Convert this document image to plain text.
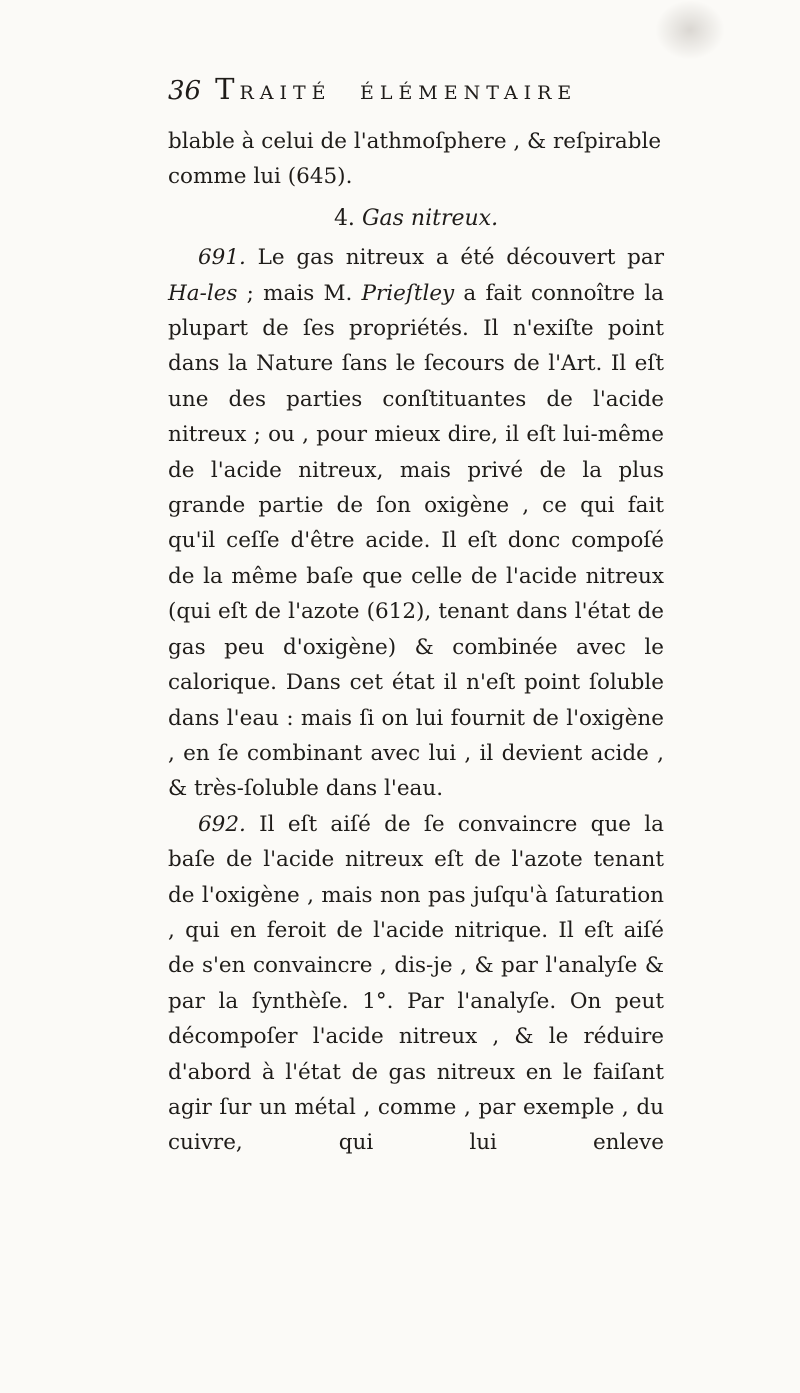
36 TRAITÉ ÉLÉMENTAIRE

blable à celui de l'athmoſphere , & reſpirable

comme lui (645).

4. Gas nitreux.

691. Le gas nitreux a été découvert par Ha-les ; mais M. Prieſtley a fait connoître la plupart de ſes propriétés. Il n'exiſte point dans la Nature ſans le ſecours de l'Art. Il eſt une des parties conſtituantes de l'acide nitreux ; ou , pour mieux dire, il eſt lui-même de l'acide nitreux, mais privé de la plus grande partie de ſon oxigène , ce qui fait qu'il ceſſe d'être acide. Il eſt donc compoſé de la même baſe que celle de l'acide nitreux (qui eſt de l'azote (612), tenant dans l'état de gas peu d'oxigène) & combinée avec le calorique. Dans cet état il n'eſt point ſoluble dans l'eau : mais ſi on lui fournit de l'oxigène , en ſe combinant avec lui , il devient acide , & très-ſoluble dans l'eau.

692. Il eſt aiſé de ſe convaincre que la baſe de l'acide nitreux eſt de l'azote tenant de l'oxigène , mais non pas juſqu'à ſaturation , qui en feroit de l'acide nitrique. Il eſt aiſé de s'en convaincre , dis-je , & par l'analyſe & par la ſynthèſe. 1°. Par l'analyſe. On peut décompoſer l'acide nitreux , & le réduire d'abord à l'état de gas nitreux en le faiſant agir ſur un métal , comme , par exemple , du cuivre, qui lui enleve
